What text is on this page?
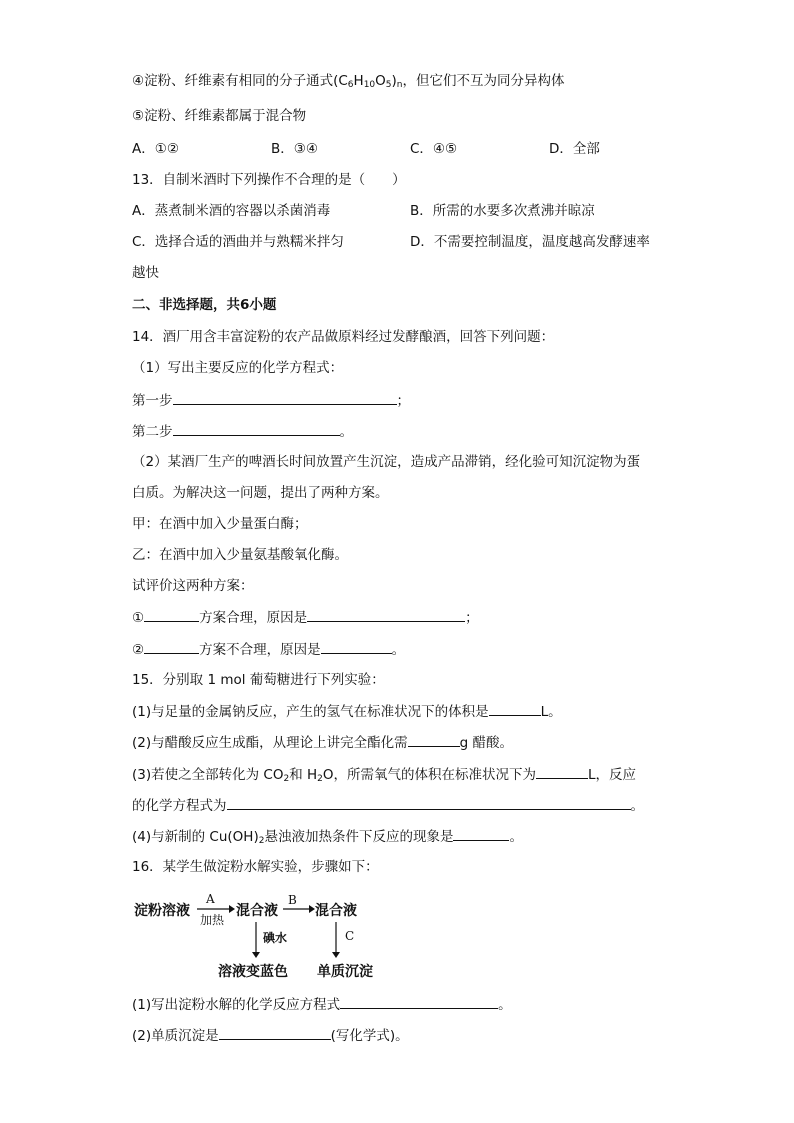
④淀粉、纤维素有相同的分子通式$(C_6H_{10}O_5)_n$，但它们不互为同分异构体
⑤淀粉、纤维素都属于混合物
A．①②	B．③④	C．④⑤	D．全部
13．自制米酒时下列操作不合理的是（　　）
A．蒸煮制米酒的容器以杀菌消毒	B．所需的水要多次煮沸并晾凉
C．选择合适的酒曲并与熟糯米拌匀	D．不需要控制温度，温度越高发酵速率
越快
二、非选择题，共6小题
14．酒厂用含丰富淀粉的农产品做原料经过发酵酿酒，回答下列问题：
（1）写出主要反应的化学方程式：
第一步	；
第二步	。
（2）某酒厂生产的啤酒长时间放置产生沉淀，造成产品滞销，经化验可知沉淀物为蛋
白质。为解决这一问题，提出了两种方案。
甲：在酒中加入少量蛋白酶；
乙：在酒中加入少量氨基酸氧化酶。
试评价这两种方案：
①	方案合理，原因是	；
②	方案不合理，原因是	。
15．分别取 1 mol 葡萄糖进行下列实验：
(1)与足量的金属钠反应，产生的氢气在标准状况下的体积是	L。
(2)与醋酸反应生成酯，从理论上讲完全酯化需	g 醋酸。
(3)若使之全部转化为 $CO_2$和 $H_2O$，所需氧气的体积在标准状况下为	L，反应
的化学方程式为	。
(4)与新制的 $Cu(OH)_2$悬浊液加热条件下反应的现象是	。
16．某学生做淀粉水解实验，步骤如下：
淀粉溶液
A
加热
混合液
B
混合液
碘水	C
溶液变蓝色 单质沉淀
(1)写出淀粉水解的化学反应方程式	。
(2)单质沉淀是	(写化学式)。
